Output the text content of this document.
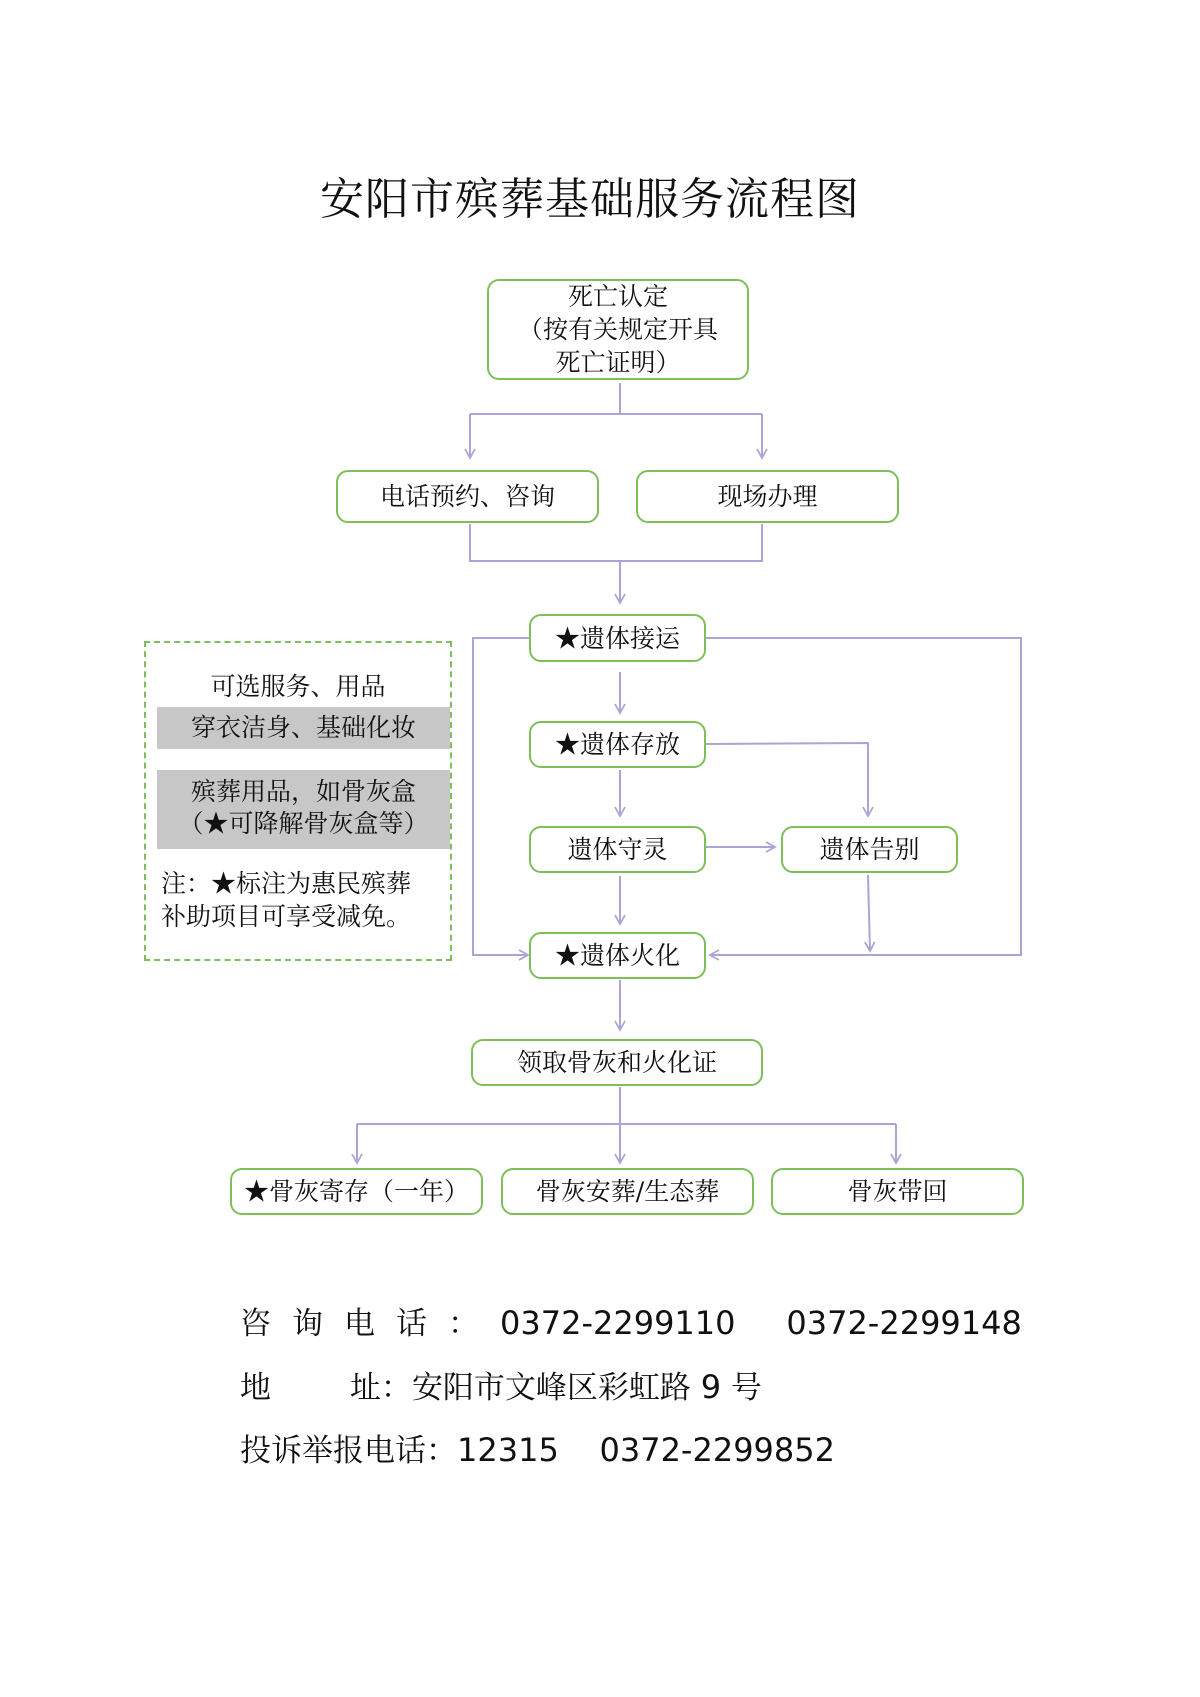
安阳市殡葬基础服务流程图
死亡认定
（按有关规定开具
死亡证明）
电话预约、咨询	现场办理
★遗体接运
★遗体存放
遗体守灵	遗体告别
★遗体火化
领取骨灰和火化证
★骨灰寄存（一年）	骨灰安葬/生态葬	骨灰带回
可选服务、用品
穿衣洁身、基础化妆
殡葬用品，如骨灰盒
（★可降解骨灰盒等）
注：★标注为惠民殡葬
补助项目可享受减免。
咨询电话：0372-2299110 0372-2299148
地	址：安阳市文峰区彩虹路 9 号
投诉举报电话：12315 0372-2299852
